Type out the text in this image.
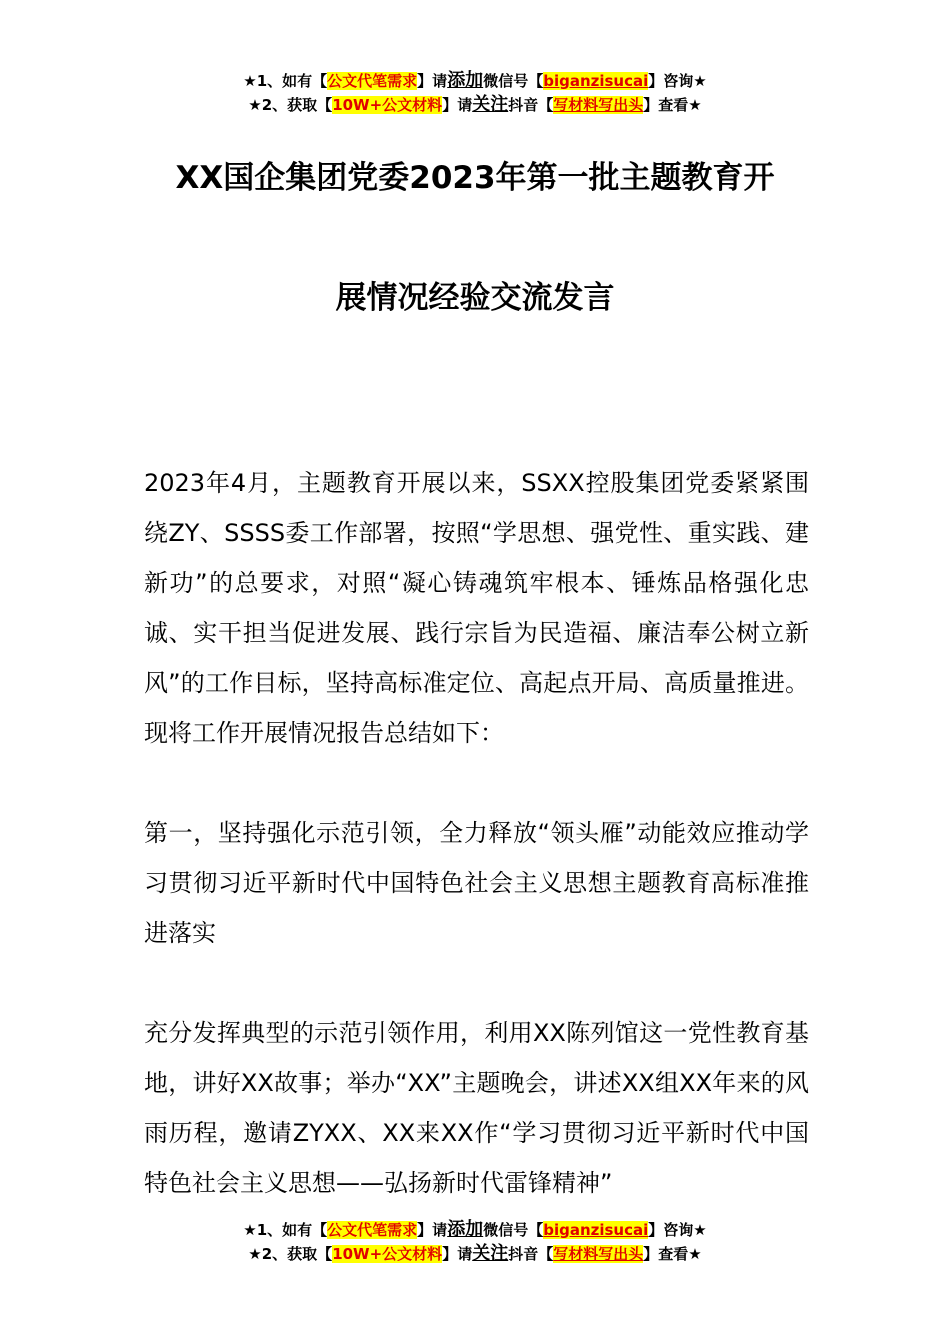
★1、如有【公文代笔需求】请添加微信号【biganzisucai】咨询★
★2、获取【10W+公文材料】请关注抖音【写材料写出头】查看★
XX国企集团党委2023年第一批主题教育开
展情况经验交流发言

2023年4月，主题教育开展以来，SSXX控股集团党委紧紧围绕ZY、SSSS委工作部署，按照“学思想、强党性、重实践、建新功”的总要求，对照“凝心铸魂筑牢根本、锤炼品格强化忠诚、实干担当促进发展、践行宗旨为民造福、廉洁奉公树立新风”的工作目标，坚持高标准定位、高起点开局、高质量推进。现将工作开展情况报告总结如下：

第一，坚持强化示范引领，全力释放“领头雁”动能效应推动学习贯彻习近平新时代中国特色社会主义思想主题教育高标准推进落实

充分发挥典型的示范引领作用，利用XX陈列馆这一党性教育基地，讲好XX故事；举办“XX”主题晚会，讲述XX组XX年来的风雨历程，邀请ZYXX、XX来XX作“学习贯彻习近平新时代中国特色社会主义思想——弘扬新时代雷锋精神”

★1、如有【公文代笔需求】请添加微信号【biganzisucai】咨询★
★2、获取【10W+公文材料】请关注抖音【写材料写出头】查看★
